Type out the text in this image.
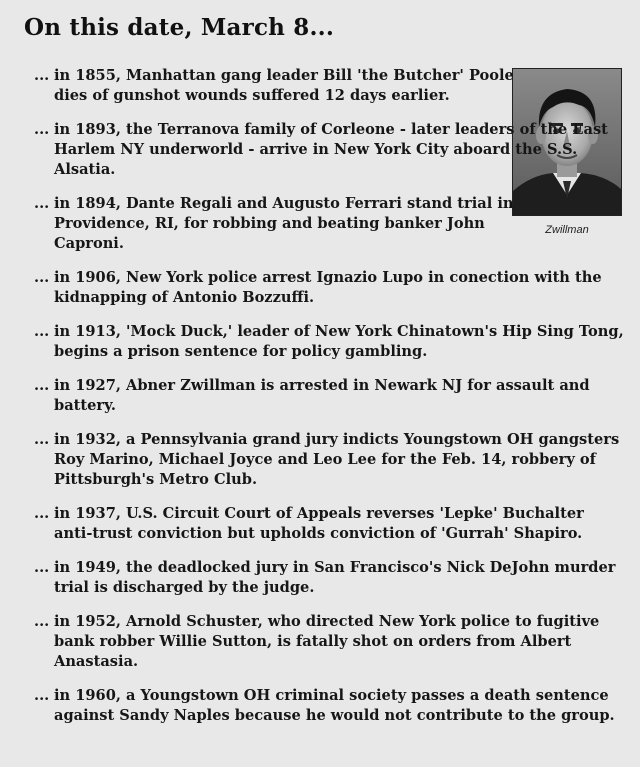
On this date, March 8...
Zwillman
... in 1855, Manhattan gang leader Bill 'the Butcher' Poole dies of gunshot wounds suffered 12 days earlier.
... in 1893, the Terranova family of Corleone - later leaders of the East Harlem NY underworld - arrive in New York City aboard the S.S. Alsatia.
... in 1894, Dante Regali and Augusto Ferrari stand trial in Providence, RI, for robbing and beating banker John Caproni.
... in 1906, New York police arrest Ignazio Lupo in conection with the kidnapping of Antonio Bozzuffi.
... in 1913, 'Mock Duck,' leader of New York Chinatown's Hip Sing Tong, begins a prison sentence for policy gambling.
... in 1927, Abner Zwillman is arrested in Newark NJ for assault and battery.
... in 1932, a Pennsylvania grand jury indicts Youngstown OH gangsters Roy Marino, Michael Joyce and Leo Lee for the Feb. 14, robbery of Pittsburgh's Metro Club.
... in 1937, U.S. Circuit Court of Appeals reverses 'Lepke' Buchalter anti-trust conviction but upholds conviction of 'Gurrah' Shapiro.
... in 1949, the deadlocked jury in San Francisco's Nick DeJohn murder trial is discharged by the judge.
... in 1952, Arnold Schuster, who directed New York police to fugitive bank robber Willie Sutton, is fatally shot on orders from Albert Anastasia.
... in 1960, a Youngstown OH criminal society passes a death sentence against Sandy Naples because he would not contribute to the group.
